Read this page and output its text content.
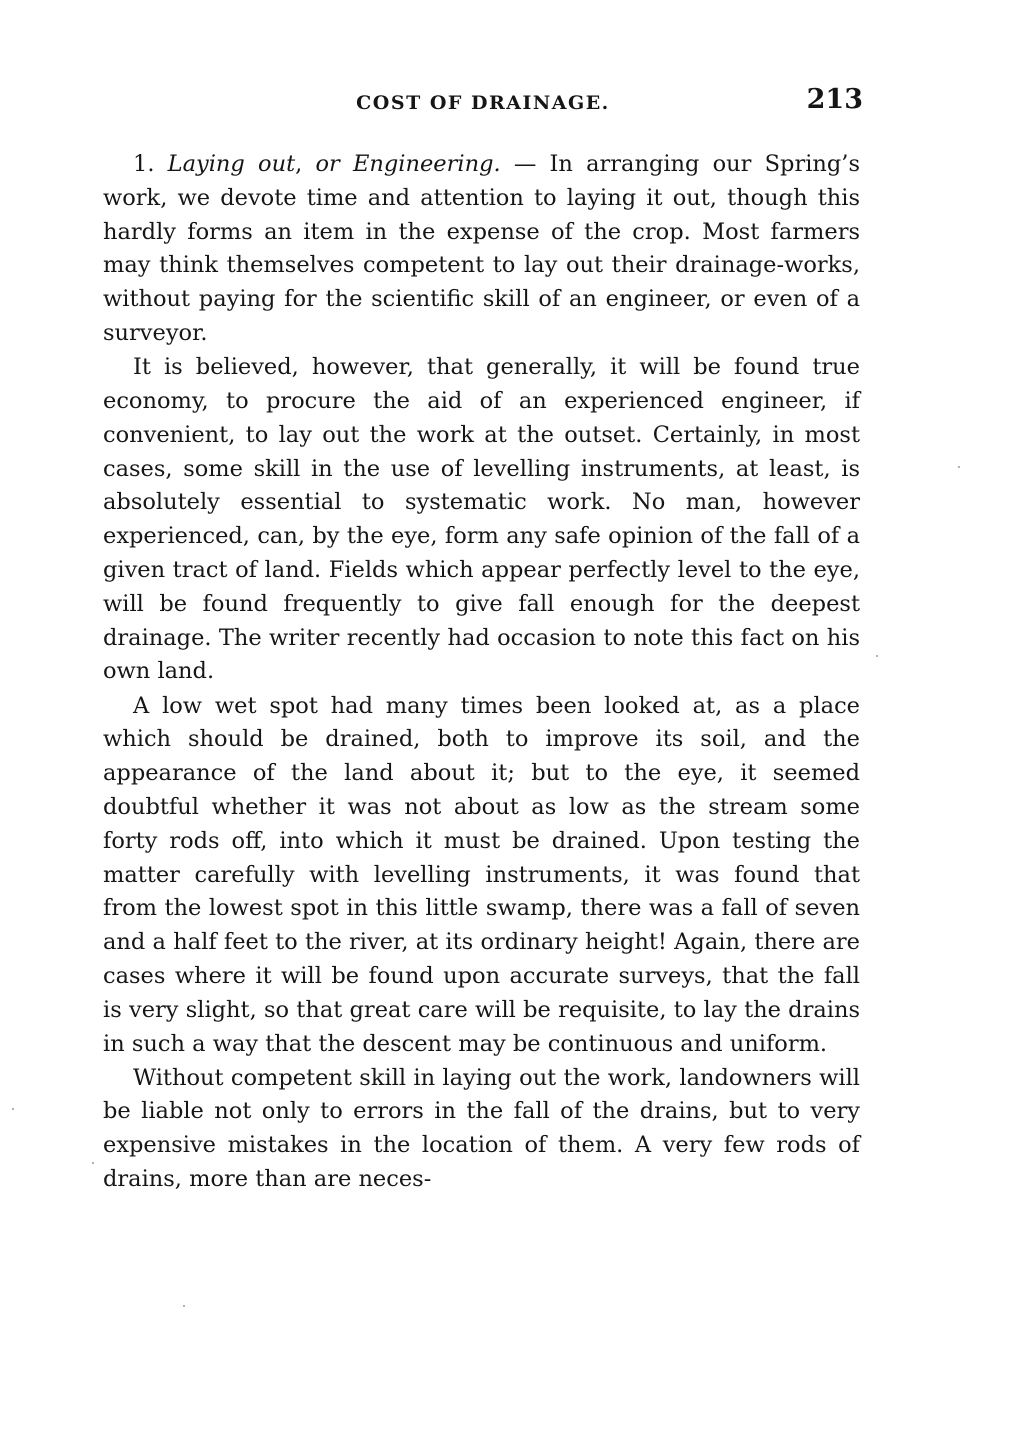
COST OF DRAINAGE.	213

1. Laying out, or Engineering. — In arranging our Spring’s work, we devote time and attention to laying it out, though this hardly forms an item in the expense of the crop. Most farmers may think themselves competent to lay out their drainage-works, without paying for the scientific skill of an engineer, or even of a surveyor.

It is believed, however, that generally, it will be found true economy, to procure the aid of an experienced engineer, if convenient, to lay out the work at the outset. Certainly, in most cases, some skill in the use of levelling instruments, at least, is absolutely essential to systematic work. No man, however experienced, can, by the eye, form any safe opinion of the fall of a given tract of land. Fields which appear perfectly level to the eye, will be found frequently to give fall enough for the deepest drainage. The writer recently had occasion to note this fact on his own land.

A low wet spot had many times been looked at, as a place which should be drained, both to improve its soil, and the appearance of the land about it; but to the eye, it seemed doubtful whether it was not about as low as the stream some forty rods off, into which it must be drained. Upon testing the matter carefully with levelling instruments, it was found that from the lowest spot in this little swamp, there was a fall of seven and a half feet to the river, at its ordinary height! Again, there are cases where it will be found upon accurate surveys, that the fall is very slight, so that great care will be requisite, to lay the drains in such a way that the descent may be continuous and uniform.

Without competent skill in laying out the work, landowners will be liable not only to errors in the fall of the drains, but to very expensive mistakes in the location of them. A very few rods of drains, more than are neces-
